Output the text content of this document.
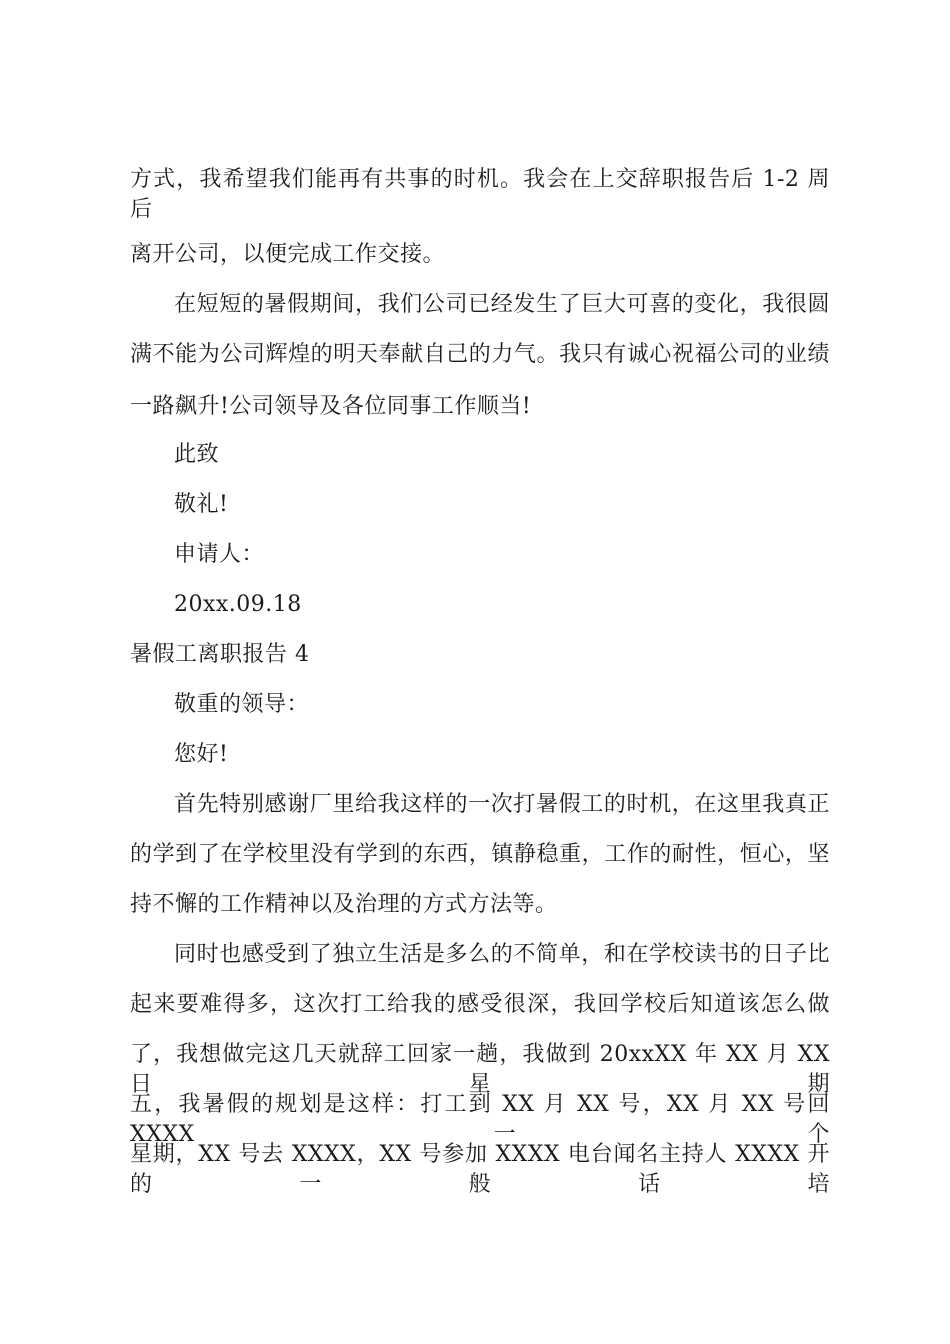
方式，我希望我们能再有共事的时机。我会在上交辞职报告后 1-2 周后
离开公司，以便完成工作交接。
在短短的暑假期间，我们公司已经发生了巨大可喜的变化，我很圆
满不能为公司辉煌的明天奉献自己的力气。我只有诚心祝福公司的业绩
一路飙升!公司领导及各位同事工作顺当!
此致
敬礼!
申请人：
20xx.09.18
暑假工离职报告 4
敬重的领导：
您好!
首先特别感谢厂里给我这样的一次打暑假工的时机，在这里我真正
的学到了在学校里没有学到的东西，镇静稳重，工作的耐性，恒心，坚
持不懈的工作精神以及治理的方式方法等。
同时也感受到了独立生活是多么的不简单，和在学校读书的日子比
起来要难得多，这次打工给我的感受很深，我回学校后知道该怎么做
了，我想做完这几天就辞工回家一趟，我做到 20xxXX 年 XX 月 XX 日星期
五，我暑假的规划是这样：打工到 XX 月 XX 号，XX 月 XX 号回 XXXX 一个
星期，XX 号去 XXXX，XX 号参加 XXXX 电台闻名主持人 XXXX 开的一般话培
